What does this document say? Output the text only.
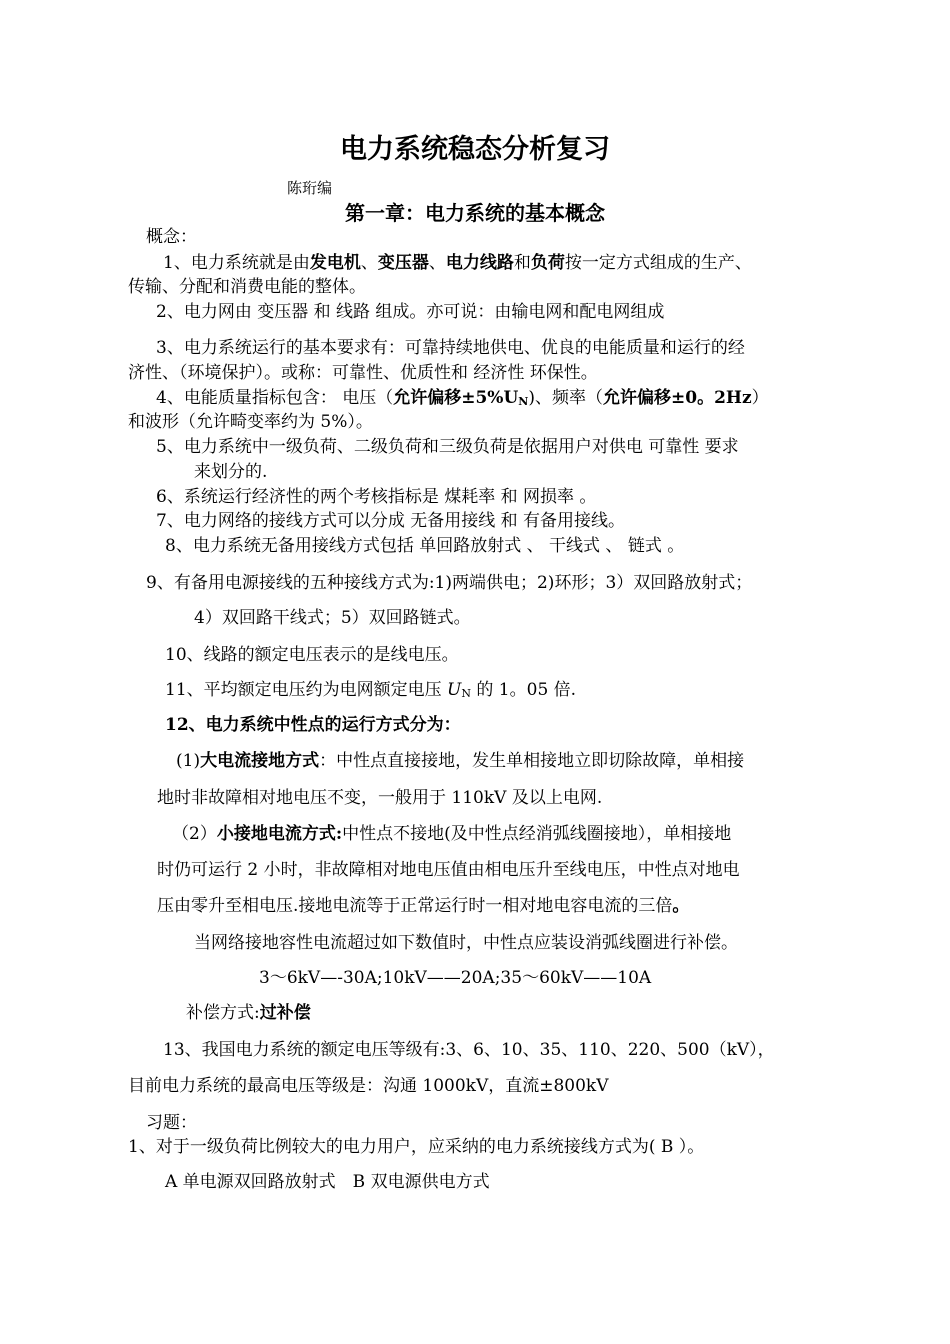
电力系统稳态分析复习
陈珩编
第一章：电力系统的基本概念
概念：
1、电力系统就是由发电机、变压器、电力线路和负荷按一定方式组成的生产、
传输、分配和消费电能的整体。
2、电力网由 变压器 和 线路 组成。亦可说：由输电网和配电网组成
3、电力系统运行的基本要求有：可靠持续地供电、优良的电能质量和运行的经
济性、（环境保护）。或称：可靠性、优质性和 经济性 环保性。
4、电能质量指标包含： 电压（允许偏移±5%UN)、频率（允许偏移±0。2Hz）
和波形（允许畸变率约为 5%）。
5、电力系统中一级负荷、二级负荷和三级负荷是依据用户对供电 可靠性 要求
来划分的.
6、系统运行经济性的两个考核指标是 煤耗率 和 网损率 。
7、电力网络的接线方式可以分成 无备用接线 和 有备用接线。
8、电力系统无备用接线方式包括 单回路放射式 、 干线式 、 链式 。
9、有备用电源接线的五种接线方式为:1)两端供电；2)环形；3）双回路放射式；
4）双回路干线式；5）双回路链式。
10、线路的额定电压表示的是线电压。
11、平均额定电压约为电网额定电压 UN 的 1。05 倍.
12、电力系统中性点的运行方式分为：
(1)大电流接地方式：中性点直接接地，发生单相接地立即切除故障，单相接
地时非故障相对地电压不变，一般用于 110kV 及以上电网.
（2）小接地电流方式:中性点不接地(及中性点经消弧线圈接地），单相接地
时仍可运行 2 小时，非故障相对地电压值由相电压升至线电压，中性点对地电
压由零升至相电压.接地电流等于正常运行时一相对地电容电流的三倍。
当网络接地容性电流超过如下数值时，中性点应装设消弧线圈进行补偿。
3～6kV—-30A;10kV——20A;35～60kV——10A
补偿方式:过补偿
13、我国电力系统的额定电压等级有:3、6、10、35、110、220、500（kV），
目前电力系统的最高电压等级是：沟通 1000kV，直流±800kV
习题：
1、对于一级负荷比例较大的电力用户，应采纳的电力系统接线方式为( B ）。
A 单电源双回路放射式　B 双电源供电方式
